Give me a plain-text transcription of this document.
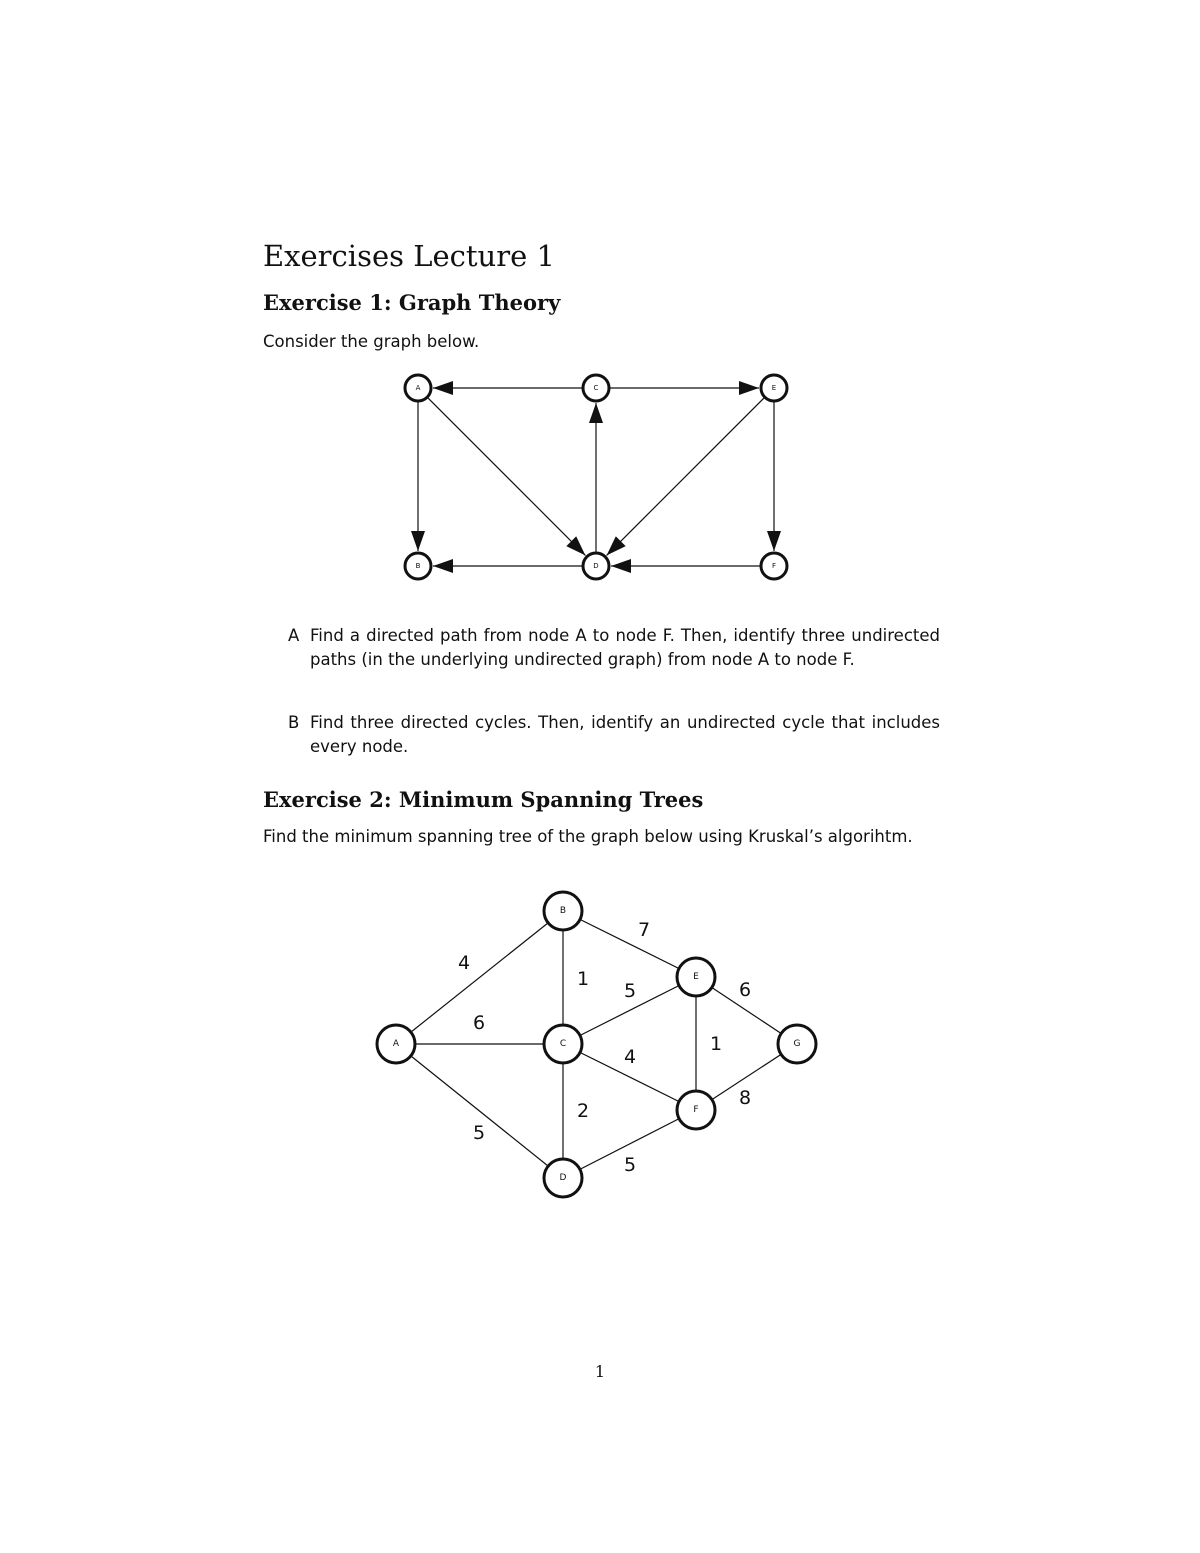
Exercises Lecture 1
Exercise 1: Graph Theory
Consider the graph below.
A	C	E
B	D	F
A Find a directed path from node A to node F. Then, identify three undirected paths (in the underlying undirected graph) from node A to node F.
B Find three directed cycles. Then, identify an undirected cycle that includes every node.
Exercise 2: Minimum Spanning Trees
Find the minimum spanning tree of the graph below using Kruskal’s algorihtm.
4
6
5
1
7
5
4
2
5
1
6
8
A
B
C
D
E
F
G
1
